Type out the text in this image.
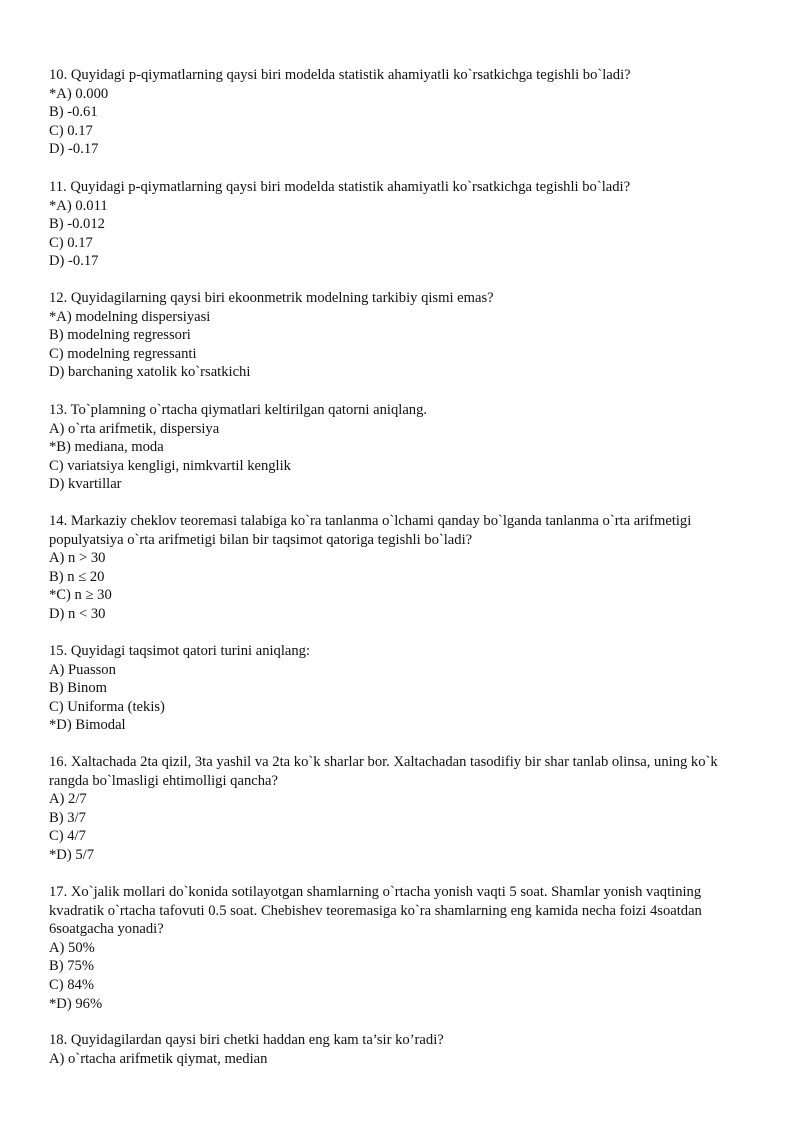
10. Quyidagi p-qiymatlarning qaysi biri modelda statistik ahamiyatli ko`rsatkichga tegishli bo`ladi?
*A) 0.000
B) -0.61
C) 0.17
D) -0.17
11. Quyidagi p-qiymatlarning qaysi biri modelda statistik ahamiyatli ko`rsatkichga tegishli bo`ladi?
*A) 0.011
B) -0.012
C) 0.17
D) -0.17
12. Quyidagilarning qaysi biri ekoonmetrik modelning tarkibiy qismi emas?
*A) modelning dispersiyasi
B) modelning regressori
C) modelning regressanti
D) barchaning xatolik ko`rsatkichi
13. To`plamning o`rtacha qiymatlari keltirilgan qatorni aniqlang.
A) o`rta arifmetik, dispersiya
*B) mediana, moda
C) variatsiya kengligi, nimkvartil kenglik
D) kvartillar
14. Markaziy cheklov teoremasi talabiga ko`ra tanlanma o`lchami qanday bo`lganda tanlanma o`rta arifmetigi populyatsiya o`rta arifmetigi bilan bir taqsimot qatoriga tegishli bo`ladi?
A) n > 30
B) n ≤ 20
*C) n ≥ 30
D) n < 30
15. Quyidagi taqsimot qatori turini aniqlang:
A) Puasson
B) Binom
C) Uniforma (tekis)
*D) Bimodal
16. Xaltachada 2ta qizil, 3ta yashil va 2ta ko`k sharlar bor. Xaltachadan tasodifiy bir shar tanlab olinsa, uning ko`k rangda bo`lmasligi ehtimolligi qancha?
A) 2/7
B) 3/7
C) 4/7
*D) 5/7
17. Xo`jalik mollari do`konida sotilayotgan shamlarning o`rtacha yonish vaqti 5 soat. Shamlar yonish vaqtining kvadratik o`rtacha tafovuti 0.5 soat. Chebishev teoremasiga ko`ra shamlarning eng kamida necha foizi 4soatdan 6soatgacha yonadi?
A) 50%
B) 75%
C) 84%
*D) 96%
18. Quyidagilardan qaysi biri chetki haddan eng kam ta’sir ko’radi?
A) o`rtacha arifmetik qiymat, medіan
